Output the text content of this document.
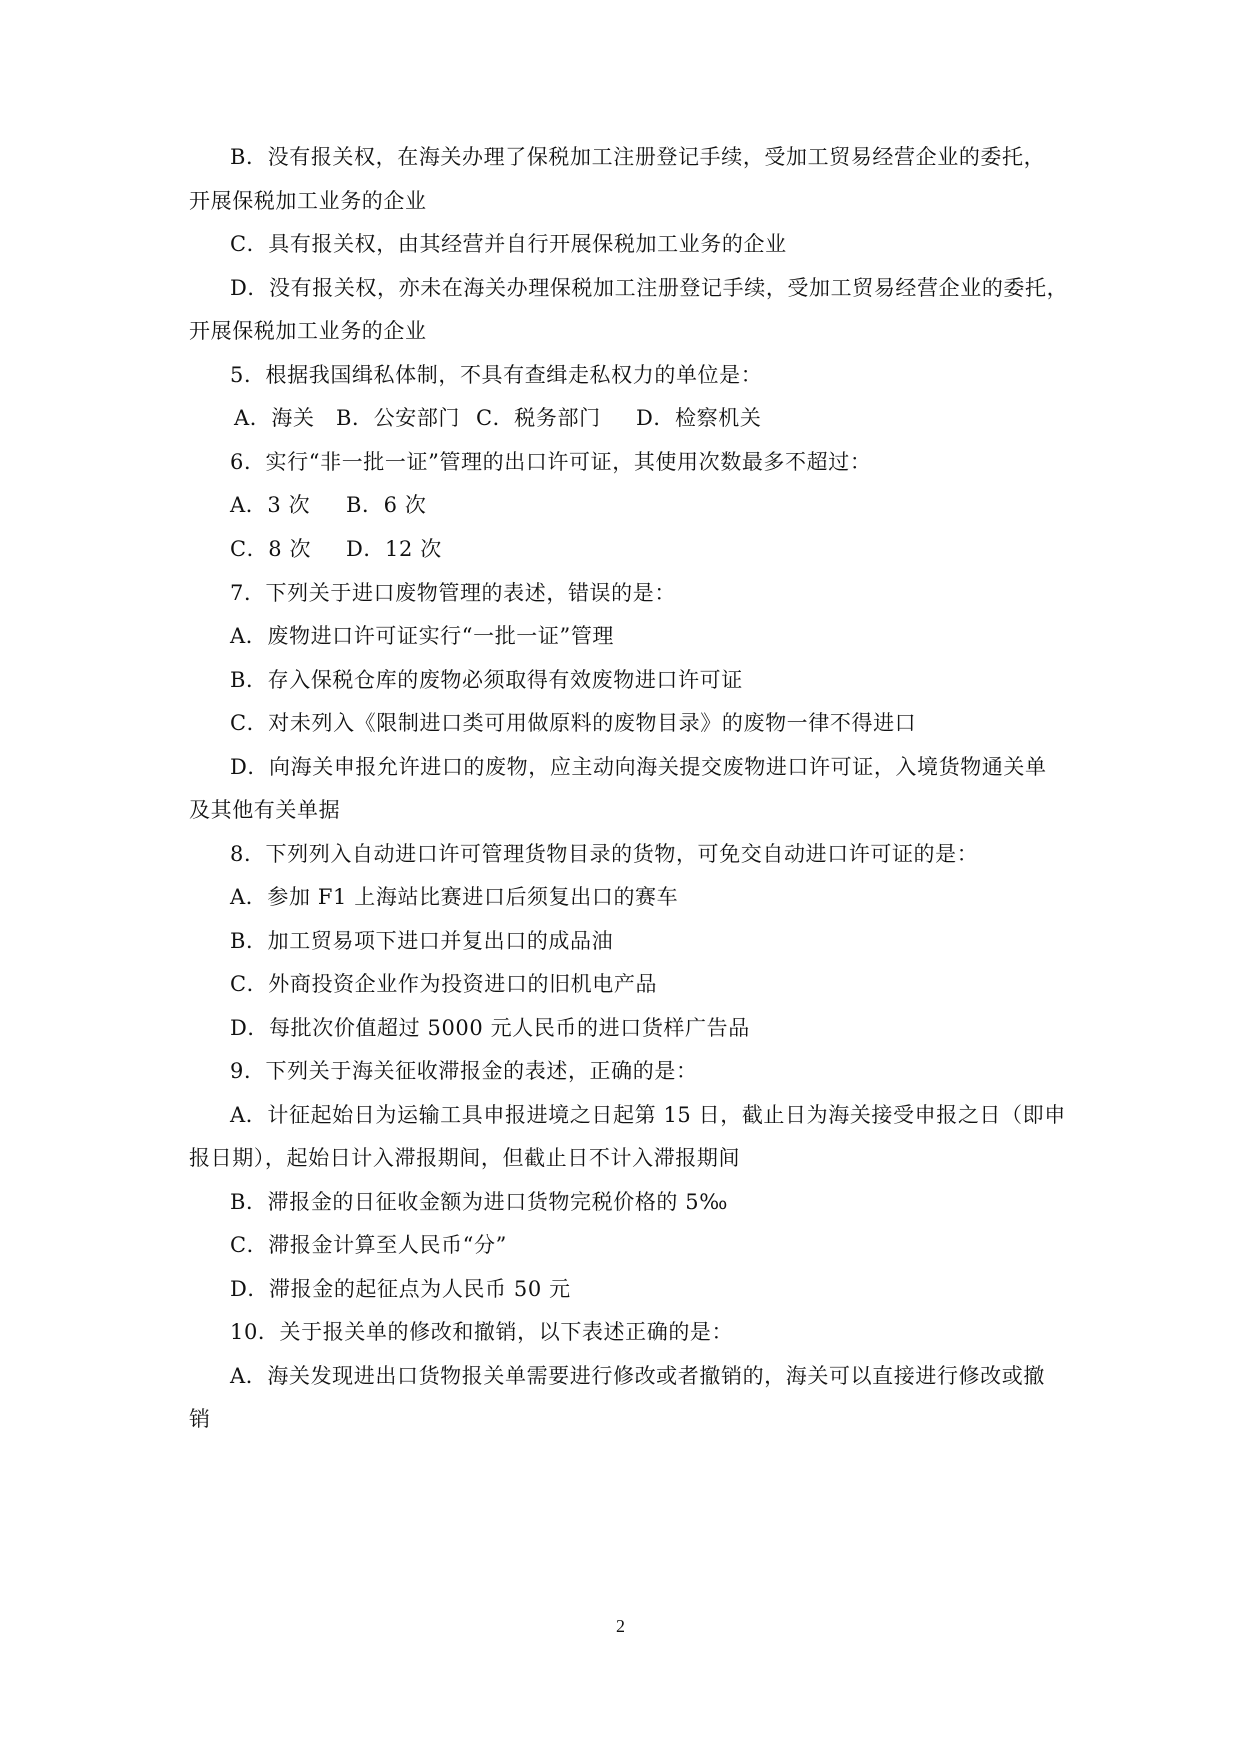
B．没有报关权，在海关办理了保税加工注册登记手续，受加工贸易经营企业的委托，
开展保税加工业务的企业
C．具有报关权，由其经营并自行开展保税加工业务的企业
D．没有报关权，亦未在海关办理保税加工注册登记手续，受加工贸易经营企业的委托，
开展保税加工业务的企业
5．根据我国缉私体制，不具有查缉走私权力的单位是：
A．海关 B．公安部门 C．税务部门 D．检察机关
6．实行“非一批一证”管理的出口许可证，其使用次数最多不超过：
A．3 次 B．6 次
C．8 次 D．12 次
7．下列关于进口废物管理的表述，错误的是：
A．废物进口许可证实行“一批一证”管理
B．存入保税仓库的废物必须取得有效废物进口许可证
C．对未列入《限制进口类可用做原料的废物目录》的废物一律不得进口
D．向海关申报允许进口的废物，应主动向海关提交废物进口许可证，入境货物通关单
及其他有关单据
8．下列列入自动进口许可管理货物目录的货物，可免交自动进口许可证的是：
A．参加 F1 上海站比赛进口后须复出口的赛车
B．加工贸易项下进口并复出口的成品油
C．外商投资企业作为投资进口的旧机电产品
D．每批次价值超过 5000 元人民币的进口货样广告品
9．下列关于海关征收滞报金的表述，正确的是：
A．计征起始日为运输工具申报进境之日起第 15 日，截止日为海关接受申报之日（即申
报日期），起始日计入滞报期间，但截止日不计入滞报期间
B．滞报金的日征收金额为进口货物完税价格的 5‰
C．滞报金计算至人民币“分”
D．滞报金的起征点为人民币 50 元
10．关于报关单的修改和撤销，以下表述正确的是：
A．海关发现进出口货物报关单需要进行修改或者撤销的，海关可以直接进行修改或撤
销
2
